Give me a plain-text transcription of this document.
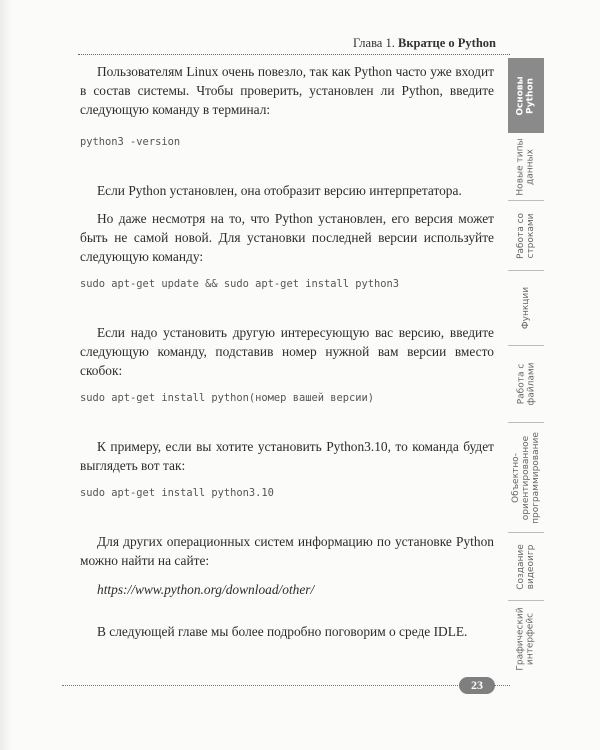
Глава 1. Вкратце о Python

Пользователям Linux очень повезло, так как Python часто уже входит в состав системы. Чтобы проверить, установлен ли Python, введите следующую команду в терминал:

python3 -version

Если Python установлен, она отобразит версию интерпретатора.

Но даже несмотря на то, что Python установлен, его версия может быть не самой новой. Для установки последней версии используйте следующую команду:

sudo apt-get update && sudo apt-get install python3

Если надо установить другую интересующую вас версию, введите следующую команду, подставив номер нужной вам версии вместо скобок:

sudo apt-get install python(номер вашей версии)

К примеру, если вы хотите установить Python3.10, то команда будет выглядеть вот так:

sudo apt-get install python3.10

Для других операционных систем информацию по установке Python можно найти на сайте:

https://www.python.org/download/other/

В следующей главе мы более подробно поговорим о среде IDLE.

Основы
Python
Новые типы
данных
Работа со
строками
Функции
Работа с
файлами
Объектно-
ориентированное
программирование
Создание
видеоигр
Графический
интерфейс
23
